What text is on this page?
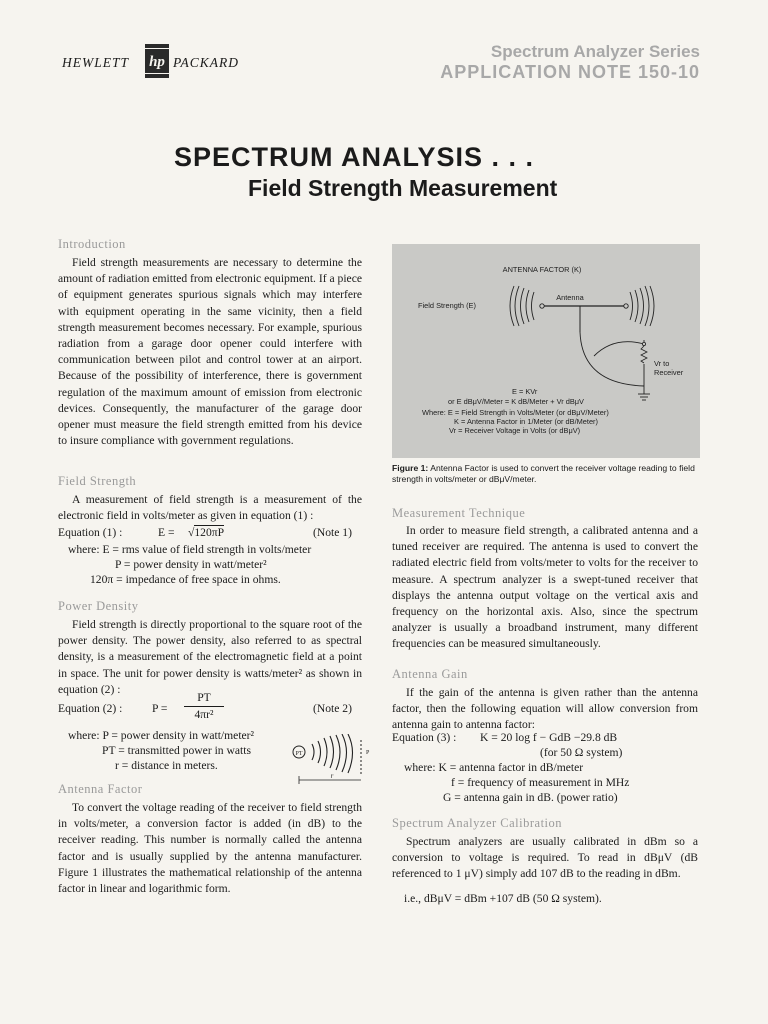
HEWLETT hp PACKARD
Spectrum Analyzer Series
APPLICATION NOTE 150-10
SPECTRUM ANALYSIS . . .
Field Strength Measurement
Introduction

Field strength measurements are necessary to determine the amount of radiation emitted from electronic equipment. If a piece of equipment generates spurious signals which may interfere with equipment operating in the same vicinity, then a field strength measurement becomes necessary. For example, spurious radiation from a garage door opener could interfere with communication between pilot and control tower at an airport. Because of the possibility of interference, there is government regulation of the maximum amount of emission from electronic devices. Consequently, the manufacturer of the garage door opener must measure the field strength emitted from his device to insure compliance with government regulations.

Field Strength

A measurement of field strength is a measurement of the electronic field in volts/meter as given in equation (1) :

Equation (1) :	E = √120πP	(Note 1)
where: E = rms value of field strength in volts/meter
P = power density in watt/meter²
120π = impedance of free space in ohms.
Power Density

Field strength is directly proportional to the square root of the power density. The power density, also referred to as spectral density, is a measurement of the electromagnetic field at a point in space. The unit for power density is watts/meter² as shown in equation (2) :

Equation (2) :	$P = \frac{PT}{\text{4πr²}}$	(Note 2)
where: P = power density in watt/meter²
PT = transmitted power in watts
r = distance in meters.
PT	P
r
Antenna Factor

To convert the voltage reading of the receiver to field strength in volts/meter, a conversion factor is added (in dB) to the receiver reading. This number is normally called the antenna factor and is usually supplied by the antenna manufacturer. Figure 1 illustrates the mathematical relationship of the antenna factor in linear and logarithmic form.

ANTENNA FACTOR (K)
Field Strength (E)
Antenna
Vr to
Receiver
E = KVr
or E dBμV/Meter = K dB/Meter + Vr dBμV
Where: E = Field Strength in Volts/Meter (or dBμV/Meter)
K = Antenna Factor in 1/Meter (or dB/Meter)
Vr = Receiver Voltage in Volts (or dBμV)
Figure 1: Antenna Factor is used to convert the receiver voltage reading to field strength in volts/meter or dBμV/meter.
Measurement Technique

In order to measure field strength, a calibrated antenna and a tuned receiver are required. The antenna is used to convert the radiated electric field from volts/meter to volts for the receiver to measure. A spectrum analyzer is a swept-tuned receiver that displays the antenna output voltage on the vertical axis and frequency on the horizontal axis. Also, since the spectrum analyzer is usually a broadband instrument, many different frequencies can be measured simultaneously.

Antenna Gain

If the gain of the antenna is given rather than the antenna factor, then the following equation will allow conversion from antenna gain to antenna factor:

Equation (3) : K = 20 log f − GdB −29.8 dB
(for 50 Ω system)
where: K = antenna factor in dB/meter
f = frequency of measurement in MHz
G = antenna gain in dB. (power ratio)
Spectrum Analyzer Calibration

Spectrum analyzers are usually calibrated in dBm so a conversion to voltage is required. To read in dBμV (dB referenced to 1 μV) simply add 107 dB to the reading in dBm.

i.e., dBμV = dBm +107 dB (50 Ω system).
